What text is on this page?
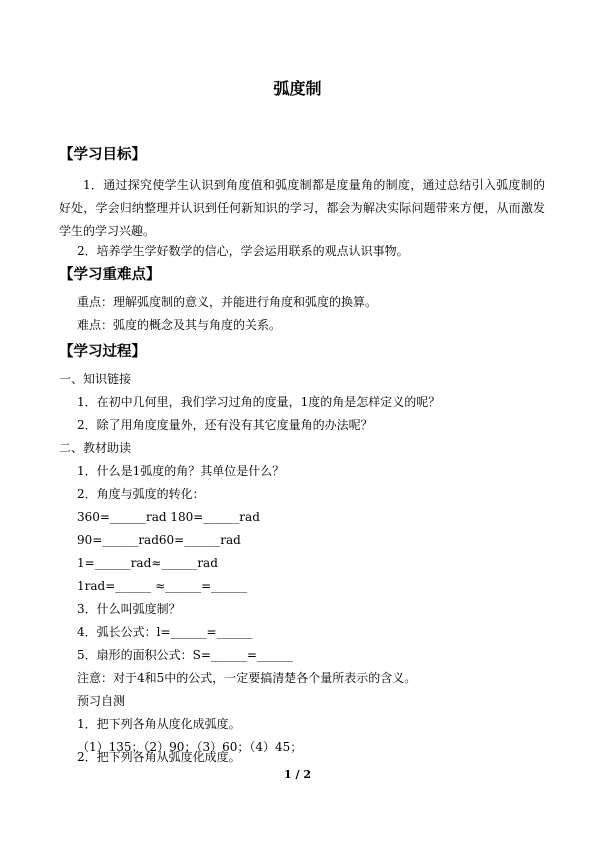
弧度制
【学习目标】
1．通过探究使学生认识到角度值和弧度制都是度量角的制度，通过总结引入弧度制的好处，学会归纳整理并认识到任何新知识的学习，都会为解决实际问题带来方便，从而激发学生的学习兴趣。
2．培养学生学好数学的信心，学会运用联系的观点认识事物。
【学习重难点】
重点：理解弧度制的意义，并能进行角度和弧度的换算。
难点：弧度的概念及其与角度的关系。
【学习过程】
一、知识链接
1．在初中几何里，我们学习过角的度量，1度的角是怎样定义的呢？
2．除了用角度度量外，还有没有其它度量角的办法呢？
二、教材助读
1．什么是1弧度的角？其单位是什么？
2．角度与弧度的转化：
360=______rad 180=______rad
90=______rad60=______rad
1=______rad≈______rad
1rad=______ ≈______=______
3．什么叫弧度制？
4．弧长公式：l=______=______
5．扇形的面积公式：S=______=______
注意：对于4和5中的公式，一定要搞清楚各个量所表示的含义。
预习自测
1．把下列各角从度化成弧度。
（1）135；（2）90；（3）60；（4）45；
2．把下列各角从弧度化成度。
1 / 2
